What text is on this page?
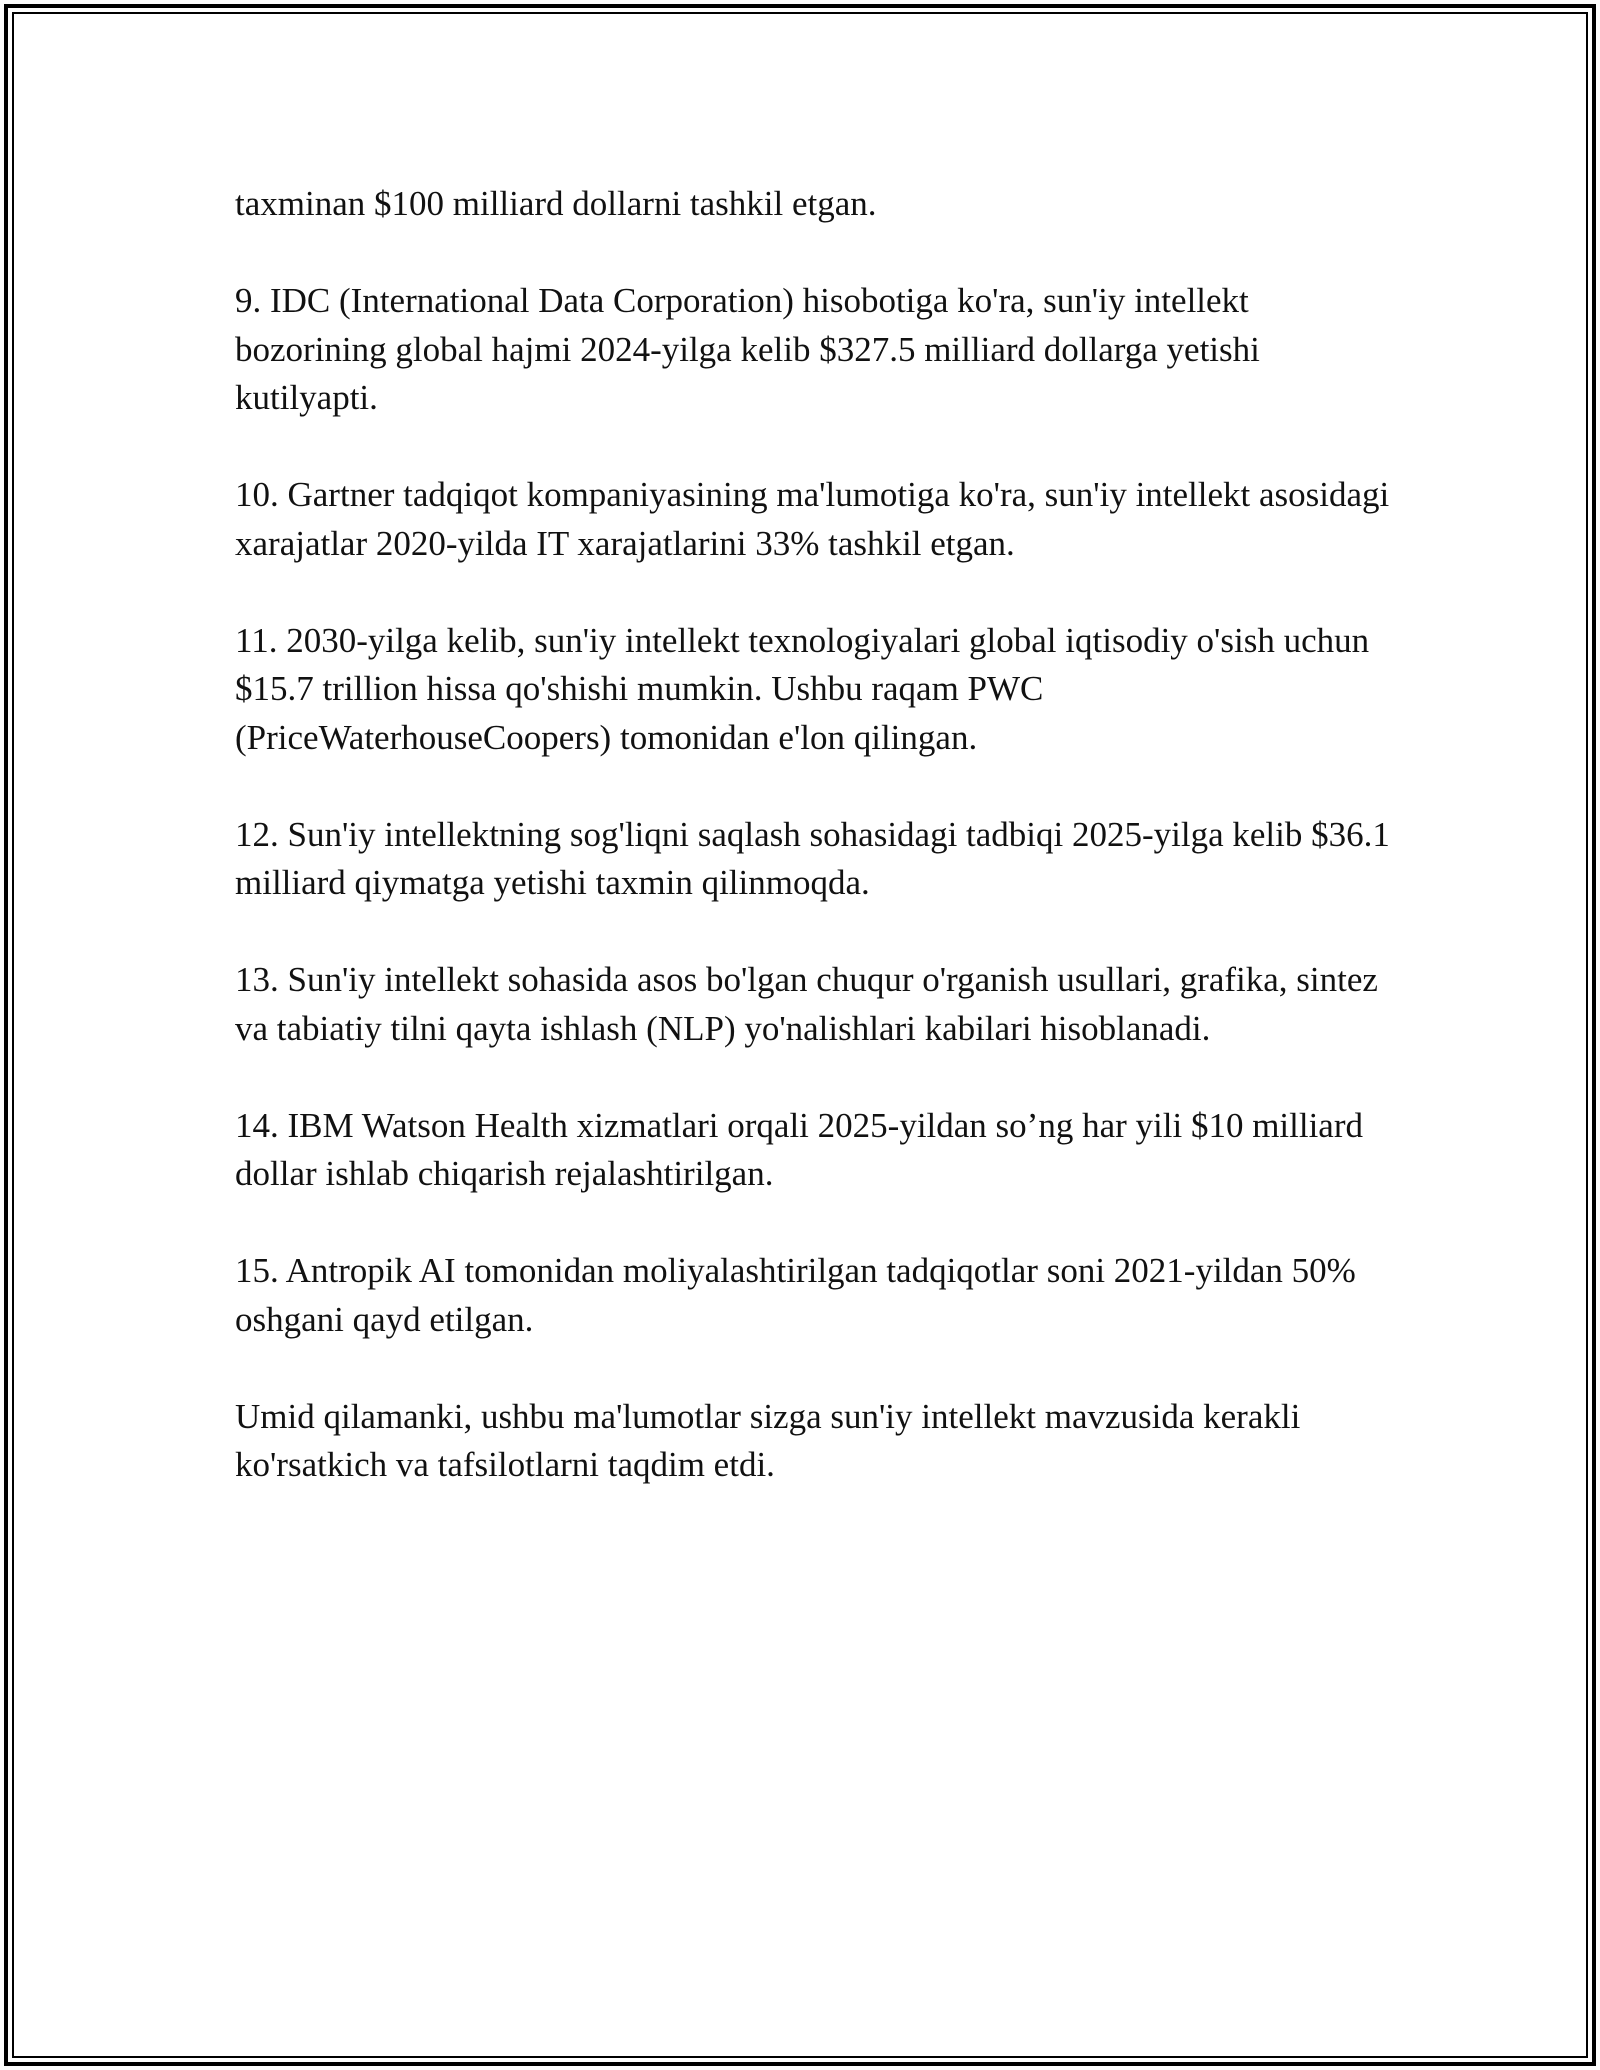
taxminan $100 milliard dollarni tashkil etgan.

9. IDC (International Data Corporation) hisobotiga ko'ra, sun'iy intellekt bozorining global hajmi 2024-yilga kelib $327.5 milliard dollarga yetishi kutilyapti.

10. Gartner tadqiqot kompaniyasining ma'lumotiga ko'ra, sun'iy intellekt asosidagi xarajatlar 2020-yilda IT xarajatlarini 33% tashkil etgan.

11. 2030-yilga kelib, sun'iy intellekt texnologiyalari global iqtisodiy o'sish uchun $15.7 trillion hissa qo'shishi mumkin. Ushbu raqam PWC (PriceWaterhouseCoopers) tomonidan e'lon qilingan.

12. Sun'iy intellektning sog'liqni saqlash sohasidagi tadbiqi 2025-yilga kelib $36.1 milliard qiymatga yetishi taxmin qilinmoqda.

13. Sun'iy intellekt sohasida asos bo'lgan chuqur o'rganish usullari, grafika, sintez va tabiatiy tilni qayta ishlash (NLP) yo'nalishlari kabilari hisoblanadi.

14. IBM Watson Health xizmatlari orqali 2025-yildan so’ng har yili $10 milliard dollar ishlab chiqarish rejalashtirilgan.

15. Antropik AI tomonidan moliyalashtirilgan tadqiqotlar soni 2021-yildan 50% oshgani qayd etilgan.

Umid qilamanki, ushbu ma'lumotlar sizga sun'iy intellekt mavzusida kerakli ko'rsatkich va tafsilotlarni taqdim etdi.
